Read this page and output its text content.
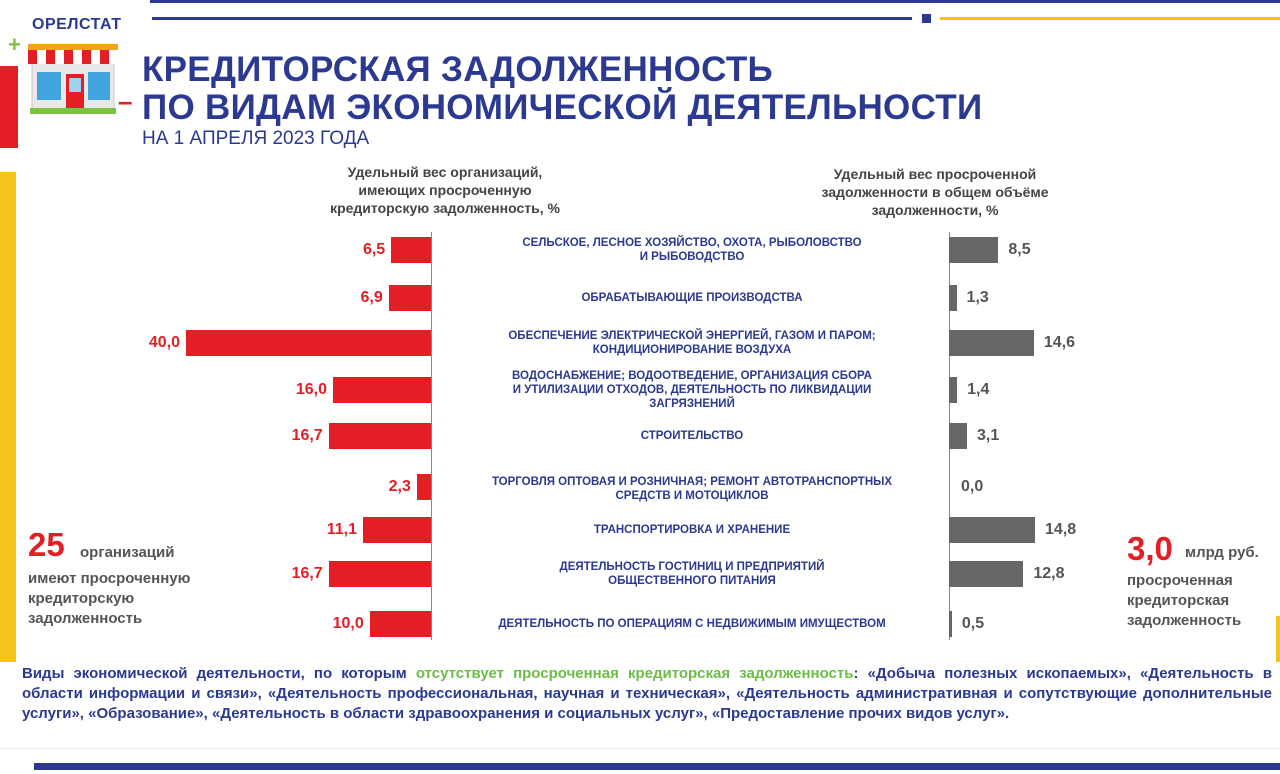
ОРЕЛСТАТ
+
–
КРЕДИТОРСКАЯ ЗАДОЛЖЕННОСТЬ
ПО ВИДАМ ЭКОНОМИЧЕСКОЙ ДЕЯТЕЛЬНОСТИ
НА 1 АПРЕЛЯ 2023 ГОДА
Удельный вес организаций,
имеющих просроченную
кредиторскую задолженность, %
Удельный вес просроченной
задолженности в общем объёме
задолженности, %
6,5	8,5
СЕЛЬСКОЕ, ЛЕСНОЕ ХОЗЯЙСТВО, ОХОТА, РЫБОЛОВСТВО
И РЫБОВОДСТВО
6,9	1,3
ОБРАБАТЫВАЮЩИЕ ПРОИЗВОДСТВА
40,0	14,6
ОБЕСПЕЧЕНИЕ ЭЛЕКТРИЧЕСКОЙ ЭНЕРГИЕЙ, ГАЗОМ И ПАРОМ;
КОНДИЦИОНИРОВАНИЕ ВОЗДУХА
16,0	1,4
ВОДОСНАБЖЕНИЕ; ВОДООТВЕДЕНИЕ, ОРГАНИЗАЦИЯ СБОРА
И УТИЛИЗАЦИИ ОТХОДОВ, ДЕЯТЕЛЬНОСТЬ ПО ЛИКВИДАЦИИ
ЗАГРЯЗНЕНИЙ
16,7	3,1
СТРОИТЕЛЬСТВО
2,3	0,0
ТОРГОВЛЯ ОПТОВАЯ И РОЗНИЧНАЯ; РЕМОНТ АВТОТРАНСПОРТНЫХ
СРЕДСТВ И МОТОЦИКЛОВ
11,1	14,8
ТРАНСПОРТИРОВКА И ХРАНЕНИЕ
16,7	12,8
ДЕЯТЕЛЬНОСТЬ ГОСТИНИЦ И ПРЕДПРИЯТИЙ
ОБЩЕСТВЕННОГО ПИТАНИЯ
10,0	0,5
ДЕЯТЕЛЬНОСТЬ ПО ОПЕРАЦИЯМ С НЕДВИЖИМЫМ ИМУЩЕСТВОМ
25 организаций
имеют просроченную
кредиторскую
задолженность
3,0 млрд руб.
просроченная
кредиторская
задолженность
Виды экономической деятельности, по которым отсутствует просроченная кредиторская задолженность: «Добыча полезных ископаемых», «Деятельность в области информации и связи», «Деятельность профессиональная, научная и техническая», «Деятельность административная и сопутствующие дополнительные услуги», «Образование», «Деятельность в области здравоохранения и социальных услуг», «Предоставление прочих видов услуг».
